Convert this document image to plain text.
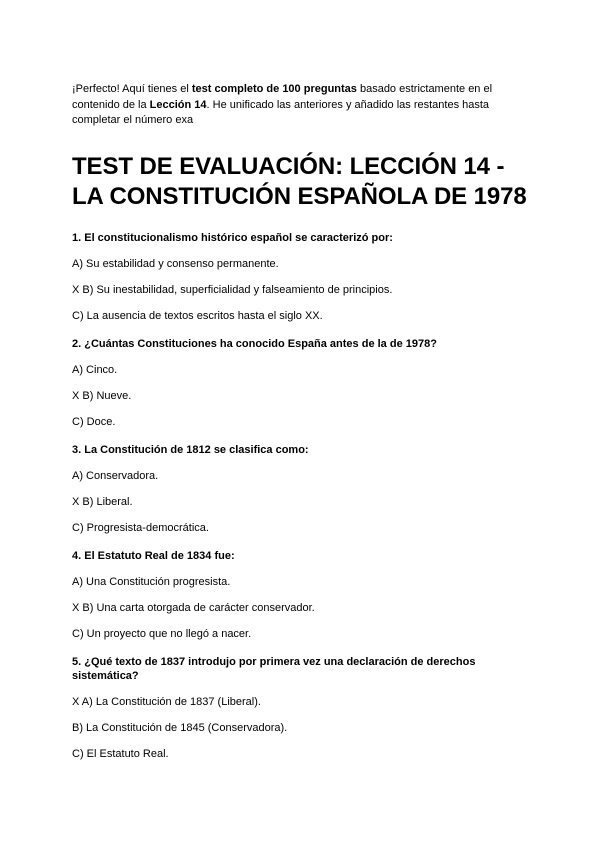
¡Perfecto! Aquí tienes el test completo de 100 preguntas basado estrictamente en el contenido de la Lección 14. He unificado las anteriores y añadido las restantes hasta completar el número exa

TEST DE EVALUACIÓN: LECCIÓN 14 - LA CONSTITUCIÓN ESPAÑOLA DE 1978

1. El constitucionalismo histórico español se caracterizó por:

A) Su estabilidad y consenso permanente.

X B) Su inestabilidad, superficialidad y falseamiento de principios.

C) La ausencia de textos escritos hasta el siglo XX.

2. ¿Cuántas Constituciones ha conocido España antes de la de 1978?

A) Cinco.

X B) Nueve.

C) Doce.

3. La Constitución de 1812 se clasifica como:

A) Conservadora.

X B) Liberal.

C) Progresista-democrática.

4. El Estatuto Real de 1834 fue:

A) Una Constitución progresista.

X B) Una carta otorgada de carácter conservador.

C) Un proyecto que no llegó a nacer.

5. ¿Qué texto de 1837 introdujo por primera vez una declaración de derechos sistemática?

X A) La Constitución de 1837 (Liberal).

B) La Constitución de 1845 (Conservadora).

C) El Estatuto Real.
